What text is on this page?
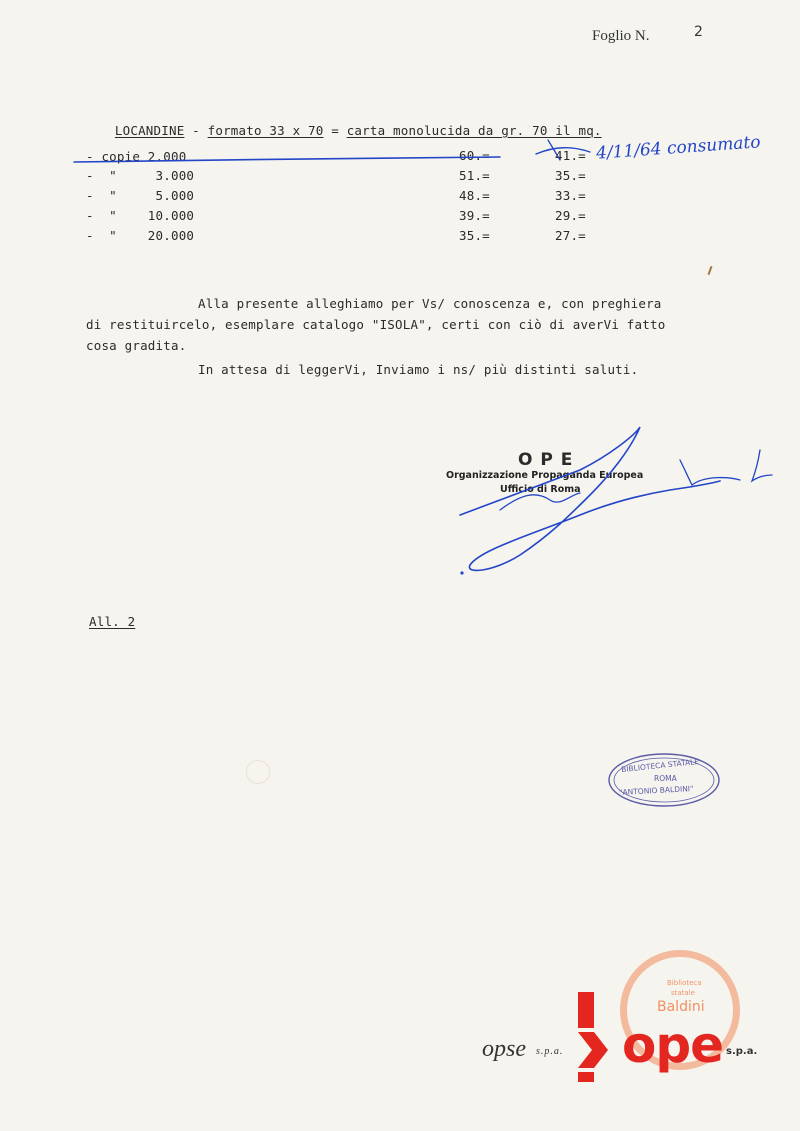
Foglio N.	2

LOCANDINE - formato 33 x 70 = carta monolucida da gr. 70 il mq.

- copie 2.000	60.=	41.=
-  "     3.000	51.=	35.=
-  "     5.000	48.=	33.=
-  "    10.000	39.=	29.=
-  "    20.000	35.=	27.=
4/11/64 consumato
Alla presente alleghiamo per Vs/ conoscenza e, con preghiera
di restituircelo, esemplare catalogo "ISOLA", certi con ciò di averVi fatto
cosa gradita.
In attesa di leggerVi, Inviamo i ns/ più distinti saluti.
O P E
Organizzazione Propaganda Europea
Ufficio di Roma
All. 2
BIBLIOTECA STATALE
ROMA
"ANTONIO BALDINI"
opse s.p.a.
Biblioteca
statale
Baldini
ope s.p.a.
